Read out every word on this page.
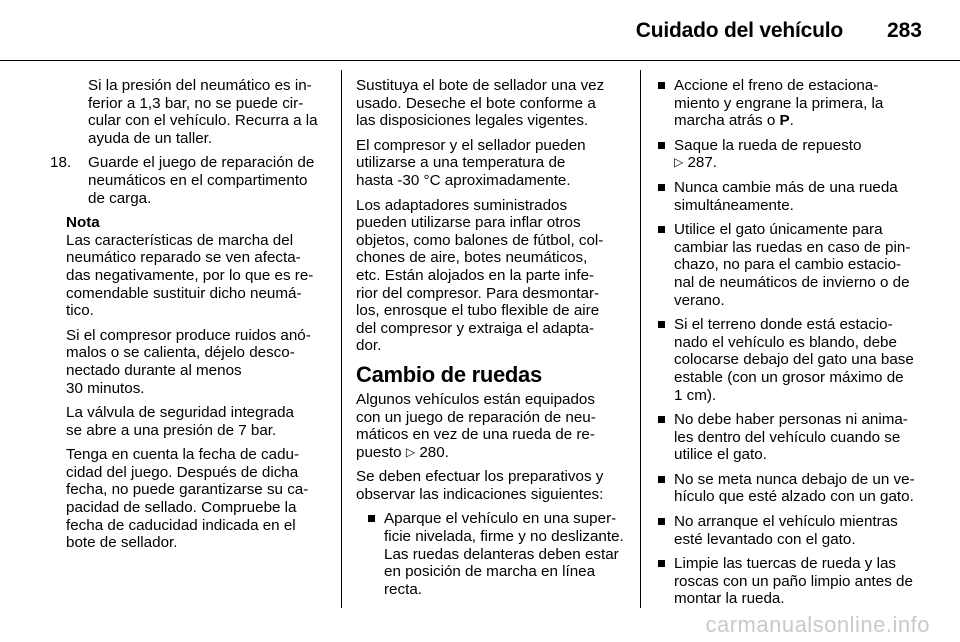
Cuidado del vehículo 283
Si la presión del neumático es in-
ferior a 1,3 bar, no se puede cir-
cular con el vehículo. Recurra a la
ayuda de un taller.
18. Guarde el juego de reparación de
neumáticos en el compartimento
de carga.
Nota
Las características de marcha del
neumático reparado se ven afecta-
das negativamente, por lo que es re-
comendable sustituir dicho neumá-
tico.
Si el compresor produce ruidos anó-
malos o se calienta, déjelo desco-
nectado durante al menos
30 minutos.
La válvula de seguridad integrada
se abre a una presión de 7 bar.
Tenga en cuenta la fecha de cadu-
cidad del juego. Después de dicha
fecha, no puede garantizarse su ca-
pacidad de sellado. Compruebe la
fecha de caducidad indicada en el
bote de sellador.
Sustituya el bote de sellador una vez
usado. Deseche el bote conforme a
las disposiciones legales vigentes.
El compresor y el sellador pueden
utilizarse a una temperatura de
hasta -30 °C aproximadamente.
Los adaptadores suministrados
pueden utilizarse para inflar otros
objetos, como balones de fútbol, col-
chones de aire, botes neumáticos,
etc. Están alojados en la parte infe-
rior del compresor. Para desmontar-
los, enrosque el tubo flexible de aire
del compresor y extraiga el adapta-
dor.
Cambio de ruedas
Algunos vehículos están equipados
con un juego de reparación de neu-
máticos en vez de una rueda de re-
puesto ▷ 280.
Se deben efectuar los preparativos y
observar las indicaciones siguientes:
Aparque el vehículo en una super-
ficie nivelada, firme y no deslizante.
Las ruedas delanteras deben estar
en posición de marcha en línea
recta.
Accione el freno de estaciona-
miento y engrane la primera, la
marcha atrás o P.
Saque la rueda de repuesto
▷ 287.
Nunca cambie más de una rueda
simultáneamente.
Utilice el gato únicamente para
cambiar las ruedas en caso de pin-
chazo, no para el cambio estacio-
nal de neumáticos de invierno o de
verano.
Si el terreno donde está estacio-
nado el vehículo es blando, debe
colocarse debajo del gato una base
estable (con un grosor máximo de
1 cm).
No debe haber personas ni anima-
les dentro del vehículo cuando se
utilice el gato.
No se meta nunca debajo de un ve-
hículo que esté alzado con un gato.
No arranque el vehículo mientras
esté levantado con el gato.
Limpie las tuercas de rueda y las
roscas con un paño limpio antes de
montar la rueda.
carmanualsonline.info
